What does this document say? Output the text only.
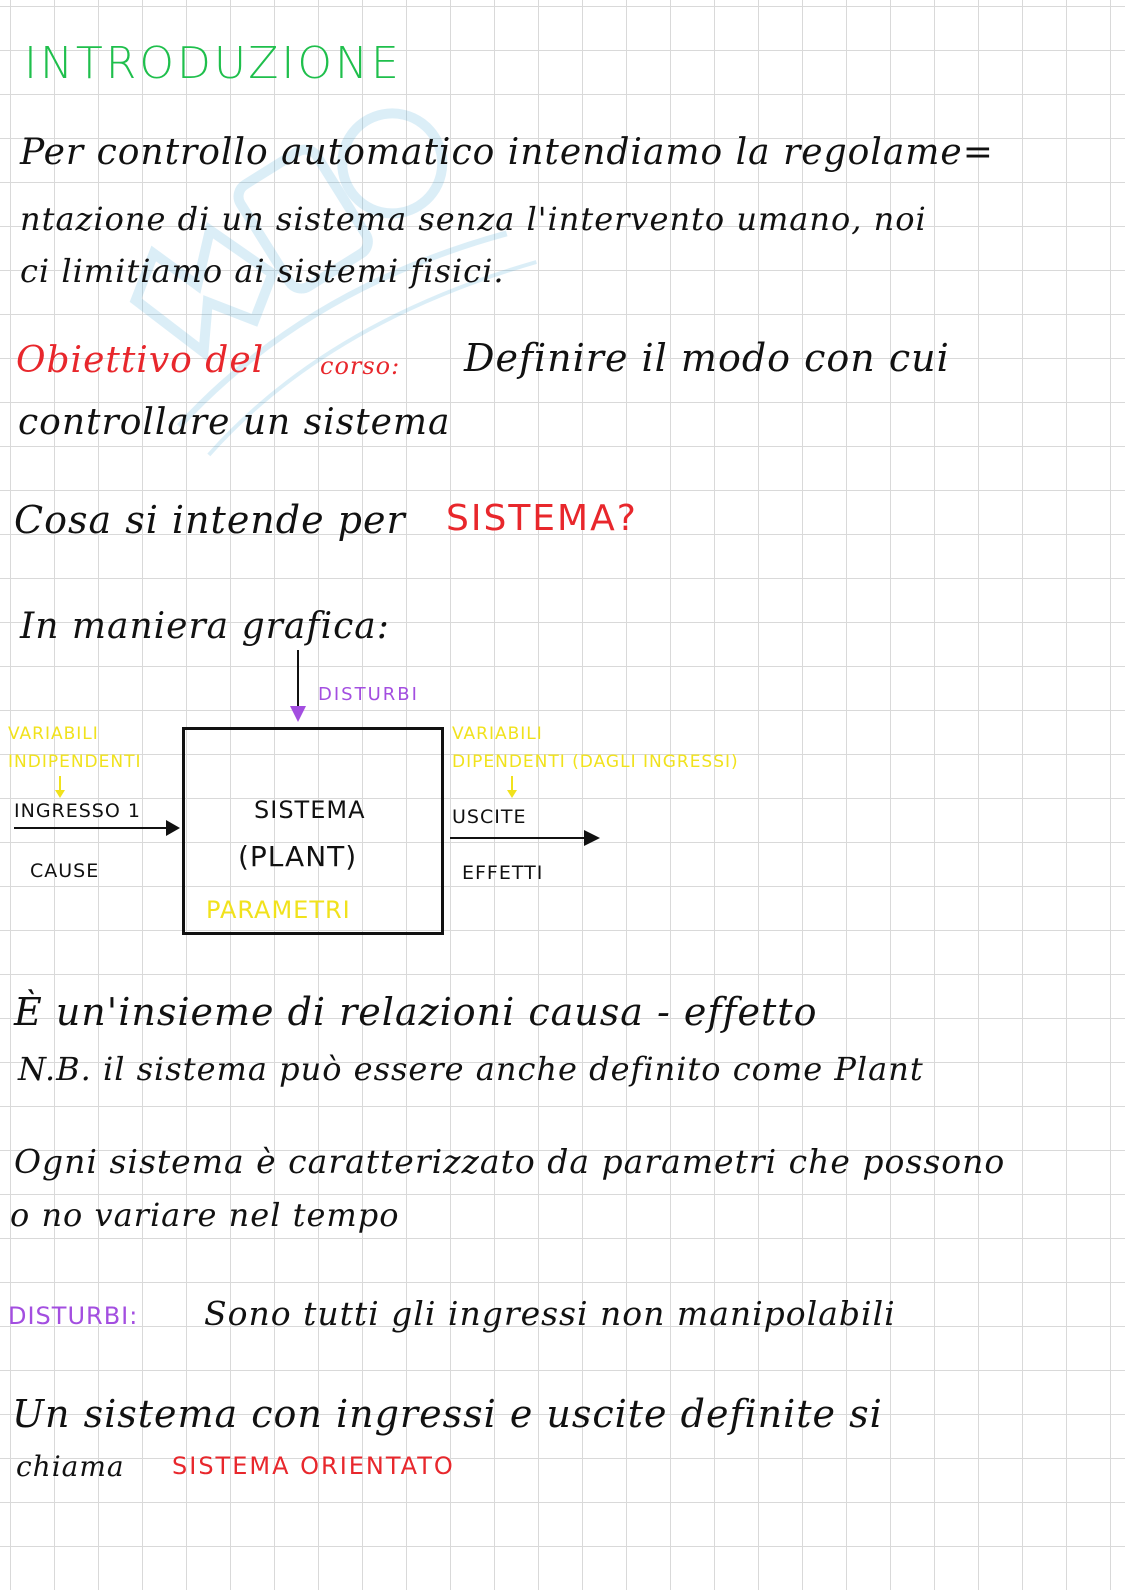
INTRODUZIONE
Per controllo automatico intendiamo la regolame=
ntazione di un sistema senza l'intervento umano, noi
ci limitiamo ai sistemi fisici.
Obiettivo del corso: Definire il modo con cui
controllare un sistema
Cosa si intende per SISTEMA?
In maniera grafica:
DISTURBI
VARIABILI
INDIPENDENTI
VARIABILI
DIPENDENTI (DAGLI INGRESSI)
INGRESSO 1
CAUSE
SISTEMA
(PLANT)
PARAMETRI
USCITE
EFFETTI
È un'insieme di relazioni causa - effetto
N.B. il sistema può essere anche definito come Plant
Ogni sistema è caratterizzato da parametri che possono
o no variare nel tempo
DISTURBI: Sono tutti gli ingressi non manipolabili
Un sistema con ingressi e uscite definite si
chiama SISTEMA ORIENTATO
